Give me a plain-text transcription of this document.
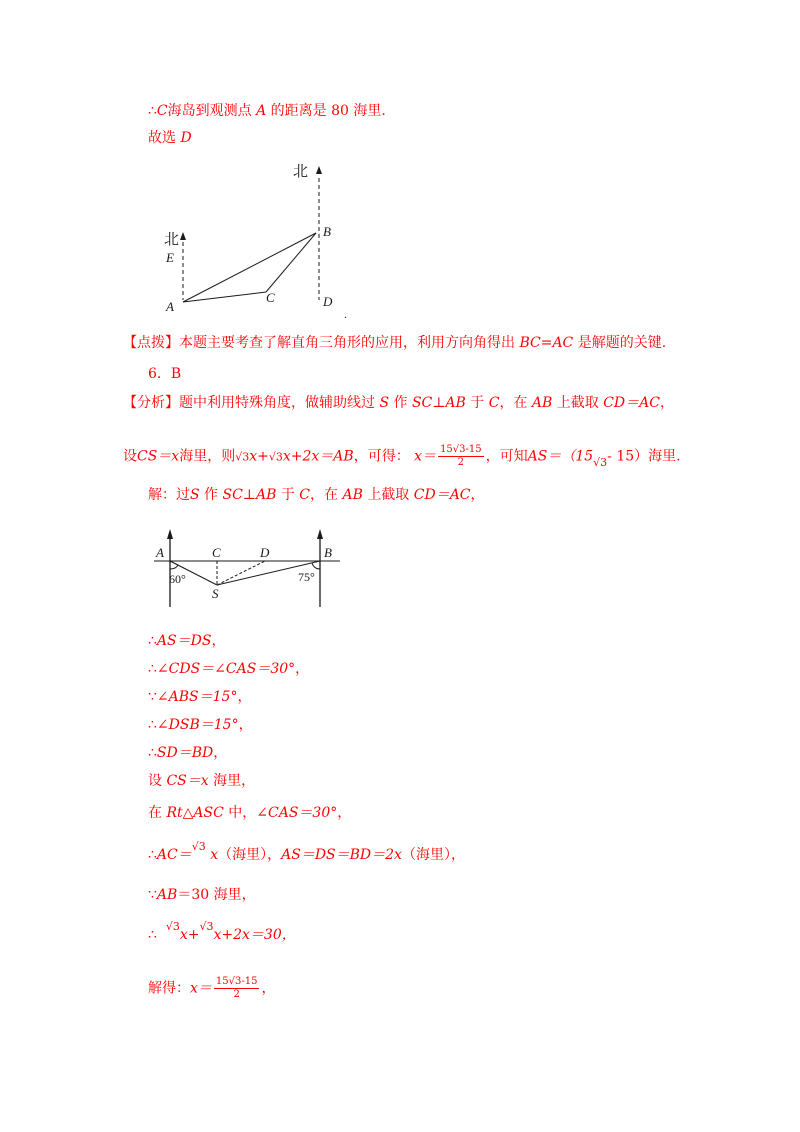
∴C海岛到观测点 A 的距离是 80 海里.
故选 D
北
北
E
A
B
C	D
.
【点拨】本题主要考查了解直角三角形的应用，利用方向角得出 BC=AC 是解题的关键.
6．B
【分析】题中利用特殊角度，做辅助线过 S 作 SC⊥AB 于 C，在 AB 上截取 CD＝AC，
设CS＝x海里，则√3x+√3x+2x＝AB，可得： $x= \frac{15√3-15}{2}$ ，可知$AS=(15_{√3}-$ 15）海里.
解：过S 作 SC⊥AB 于 C，在 AB 上截取 CD＝AC，
A	C	D	B
S
60°	75°
∴AS＝DS，
∴∠CDS＝∠CAS＝30°，
∵∠ABS＝15°，
∴∠DSB＝15°，
∴SD＝BD，
设 CS＝x 海里，
在 Rt△ASC 中，∠CAS＝30°，
∴AC＝$^{√3}$ x（海里），AS＝DS＝BD＝2x（海里），
∵AB＝30 海里，
∴  $^{√3}$x+$^{√3}$x+2x＝30，
解得：$x= \frac{15√3-15}{2}$ ，
